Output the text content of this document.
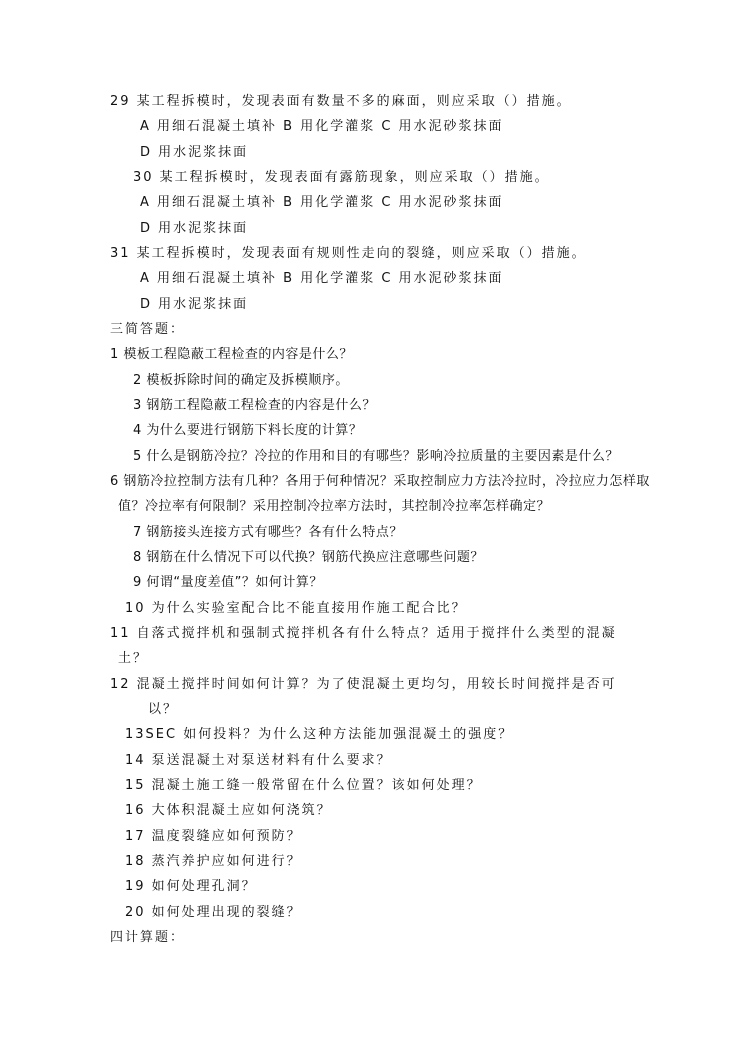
29 某工程拆模时，发现表面有数量不多的麻面，则应采取（）措施。
A 用细石混凝土填补 B 用化学灌浆 C 用水泥砂浆抹面
D 用水泥浆抹面
30 某工程拆模时，发现表面有露筋现象，则应采取（）措施。
A 用细石混凝土填补 B 用化学灌浆 C 用水泥砂浆抹面
D 用水泥浆抹面
31 某工程拆模时，发现表面有规则性走向的裂缝，则应采取（）措施。
A 用细石混凝土填补 B 用化学灌浆 C 用水泥砂浆抹面
D 用水泥浆抹面
三简答题：
1 模板工程隐蔽工程检查的内容是什么？
2 模板拆除时间的确定及拆模顺序。
3 钢筋工程隐蔽工程检查的内容是什么？
4 为什么要进行钢筋下料长度的计算？
5 什么是钢筋冷拉？冷拉的作用和目的有哪些？影响冷拉质量的主要因素是什么？
6 钢筋冷拉控制方法有几种？各用于何种情况？采取控制应力方法冷拉时，冷拉应力怎样取
值？冷拉率有何限制？采用控制冷拉率方法时，其控制冷拉率怎样确定？
7 钢筋接头连接方式有哪些？各有什么特点？
8 钢筋在什么情况下可以代换？钢筋代换应注意哪些问题？
9 何谓“量度差值”？如何计算？
10 为什么实验室配合比不能直接用作施工配合比？
11 自落式搅拌机和强制式搅拌机各有什么特点？适用于搅拌什么类型的混凝
土？
12 混凝土搅拌时间如何计算？为了使混凝土更均匀，用较长时间搅拌是否可
以？
13SEC 如何投料？为什么这种方法能加强混凝土的强度？
14 泵送混凝土对泵送材料有什么要求？
15 混凝土施工缝一般常留在什么位置？该如何处理？
16 大体积混凝土应如何浇筑？
17 温度裂缝应如何预防？
18 蒸汽养护应如何进行？
19 如何处理孔洞？
20 如何处理出现的裂缝？
四计算题：
